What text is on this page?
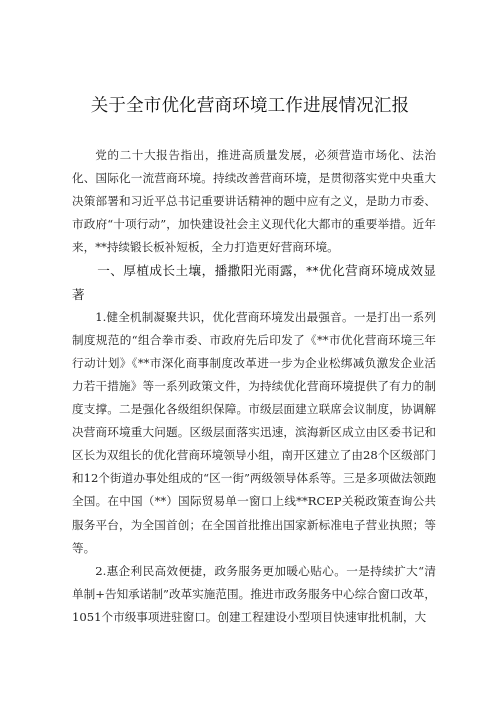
关于全市优化营商环境工作进展情况汇报

党的二十大报告指出，推进高质量发展，必须营造市场化、法治化、国际化一流营商环境。持续改善营商环境，是贯彻落实党中央重大决策部署和习近平总书记重要讲话精神的题中应有之义，是助力市委、市政府“十项行动”，加快建设社会主义现代化大都市的重要举措。近年来，**持续锻长板补短板，全力打造更好营商环境。

一、厚植成长土壤，播撒阳光雨露，**优化营商环境成效显著

1.健全机制凝聚共识，优化营商环境发出最强音。一是打出一系列制度规范的“组合拳市委、市政府先后印发了《**市优化营商环境三年行动计划》《**市深化商事制度改革进一步为企业松绑减负激发企业活力若干措施》等一系列政策文件，为持续优化营商环境提供了有力的制度支撑。二是强化各级组织保障。市级层面建立联席会议制度，协调解决营商环境重大问题。区级层面落实迅速，滨海新区成立由区委书记和区长为双组长的优化营商环境领导小组，南开区建立了由28个区级部门和12个街道办事处组成的“区一街”两级领导体系等。三是多项做法领跑全国。在中国（**）国际贸易单一窗口上线**RCEP关税政策查询公共服务平台，为全国首创；在全国首批推出国家新标准电子营业执照；等等。

2.惠企利民高效便捷，政务服务更加暖心贴心。一是持续扩大“清单制+告知承诺制”改革实施范围。推进市政务服务中心综合窗口改革，1051个市级事项进驻窗口。创建工程建设小型项目快速审批机制，大
